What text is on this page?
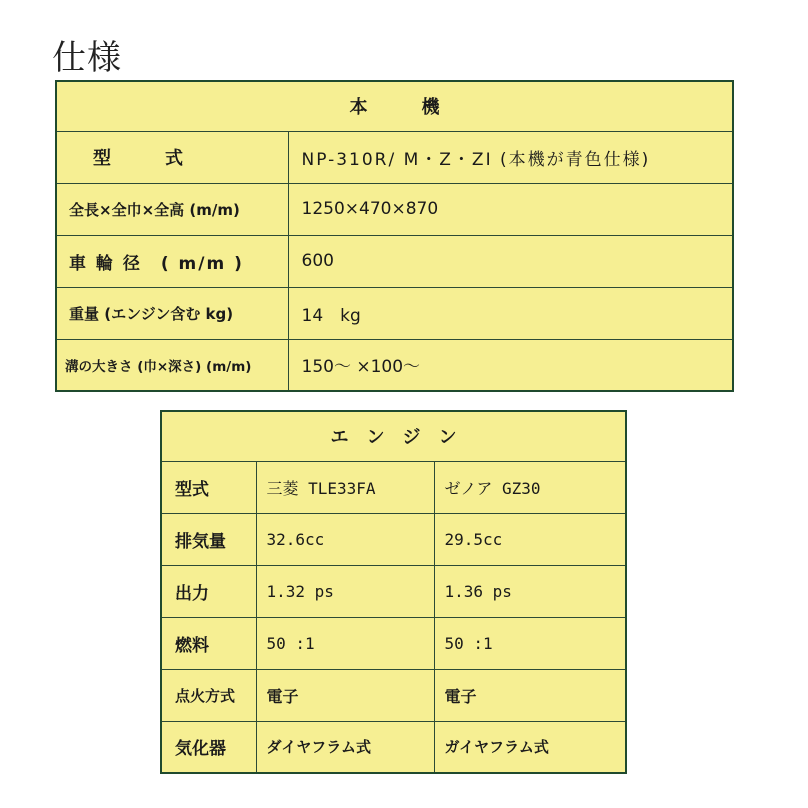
仕様
本　　　機	
型　　　式	NP-310R/ M・Z・ZI (本機が青色仕様)
全長×全巾×全高 (m/m)	1250×470×870
車 輪 径　( m/m )	600
重量 (エンジン含む kg)	14　kg
溝の大きさ (巾×深さ) (m/m)	150〜 ×100〜
エ　ン　ジ　ン		
型式	三菱 TLE33FA	ゼノア GZ30
排気量	32.6cc	29.5cc
出力	1.32 ps	1.36 ps
燃料	50 :1	50 :1
点火方式	電子	電子
気化器	ダイヤフラム式	ガイヤフラム式
